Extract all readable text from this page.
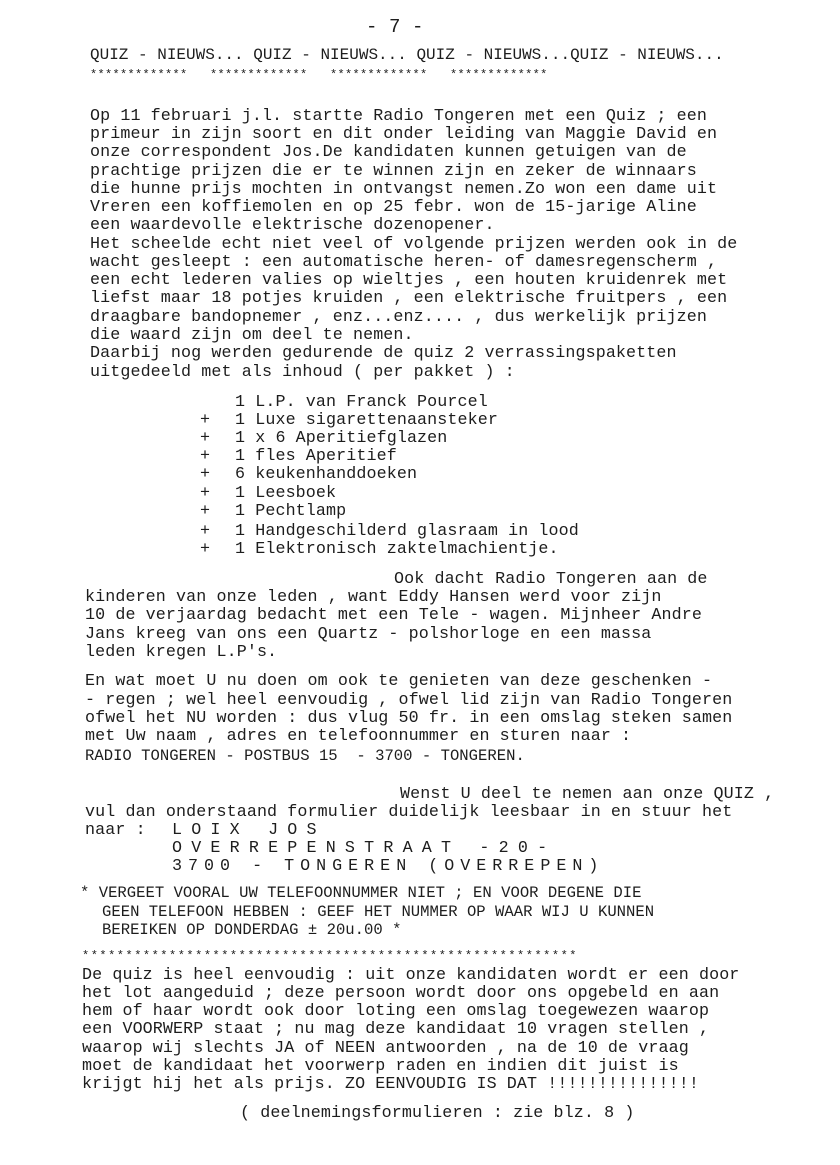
- 7 -
QUIZ - NIEUWS... QUIZ - NIEUWS... QUIZ - NIEUWS...QUIZ - NIEUWS...
*************   *************   *************   *************
Op 11 februari j.l. startte Radio Tongeren met een Quiz ; een
primeur in zijn soort en dit onder leiding van Maggie David en
onze correspondent Jos.De kandidaten kunnen getuigen van de
prachtige prijzen die er te winnen zijn en zeker de winnaars
die hunne prijs mochten in ontvangst nemen.Zo won een dame uit
Vreren een koffiemolen en op 25 febr. won de 15-jarige Aline
een waardevolle elektrische dozenopener.
Het scheelde echt niet veel of volgende prijzen werden ook in de
wacht gesleept : een automatische heren- of damesregenscherm ,
een echt lederen valies op wieltjes , een houten kruidenrek met
liefst maar 18 potjes kruiden , een elektrische fruitpers , een
draagbare bandopnemer , enz...enz.... , dus werkelijk prijzen
die waard zijn om deel te nemen.
Daarbij nog werden gedurende de quiz 2 verrassingspaketten
uitgedeeld met als inhoud ( per pakket ) :
1 L.P. van Franck Pourcel
+ 1 Luxe sigarettenaansteker
+ 1 x 6 Aperitiefglazen
+ 1 fles Aperitief
+ 6 keukenhanddoeken
+ 1 Leesboek
+ 1 Pechtlamp
+ 1 Handgeschilderd glasraam in lood
+ 1 Elektronisch zaktelmachientje.
Ook dacht Radio Tongeren aan de
kinderen van onze leden , want Eddy Hansen werd voor zijn
10 de verjaardag bedacht met een Tele - wagen. Mijnheer Andre
Jans kreeg van ons een Quartz - polshorloge en een massa
leden kregen L.P's.
En wat moet U nu doen om ook te genieten van deze geschenken -
- regen ; wel heel eenvoudig , ofwel lid zijn van Radio Tongeren
ofwel het NU worden : dus vlug 50 fr. in een omslag steken samen
met Uw naam , adres en telefoonnummer en sturen naar :
RADIO TONGEREN - POSTBUS 15  - 3700 - TONGEREN.
Wenst U deel te nemen aan onze QUIZ ,
vul dan onderstaand formulier duidelijk leesbaar in en stuur het
naar : LOIX JOS
OVERREPENSTRAAT -20-
3700 - TONGEREN (OVERREPEN)
* VERGEET VOORAL UW TELEFOONNUMMER NIET ; EN VOOR DEGENE DIE
GEEN TELEFOON HEBBEN : GEEF HET NUMMER OP WAAR WIJ U KUNNEN
BEREIKEN OP DONDERDAG ± 20u.00 *
*********************************************************
De quiz is heel eenvoudig : uit onze kandidaten wordt er een door
het lot aangeduid ; deze persoon wordt door ons opgebeld en aan
hem of haar wordt ook door loting een omslag toegewezen waarop
een VOORWERP staat ; nu mag deze kandidaat 10 vragen stellen ,
waarop wij slechts JA of NEEN antwoorden , na de 10 de vraag
moet de kandidaat het voorwerp raden en indien dit juist is
krijgt hij het als prijs. ZO EENVOUDIG IS DAT !!!!!!!!!!!!!!!
( deelnemingsformulieren : zie blz. 8 )
